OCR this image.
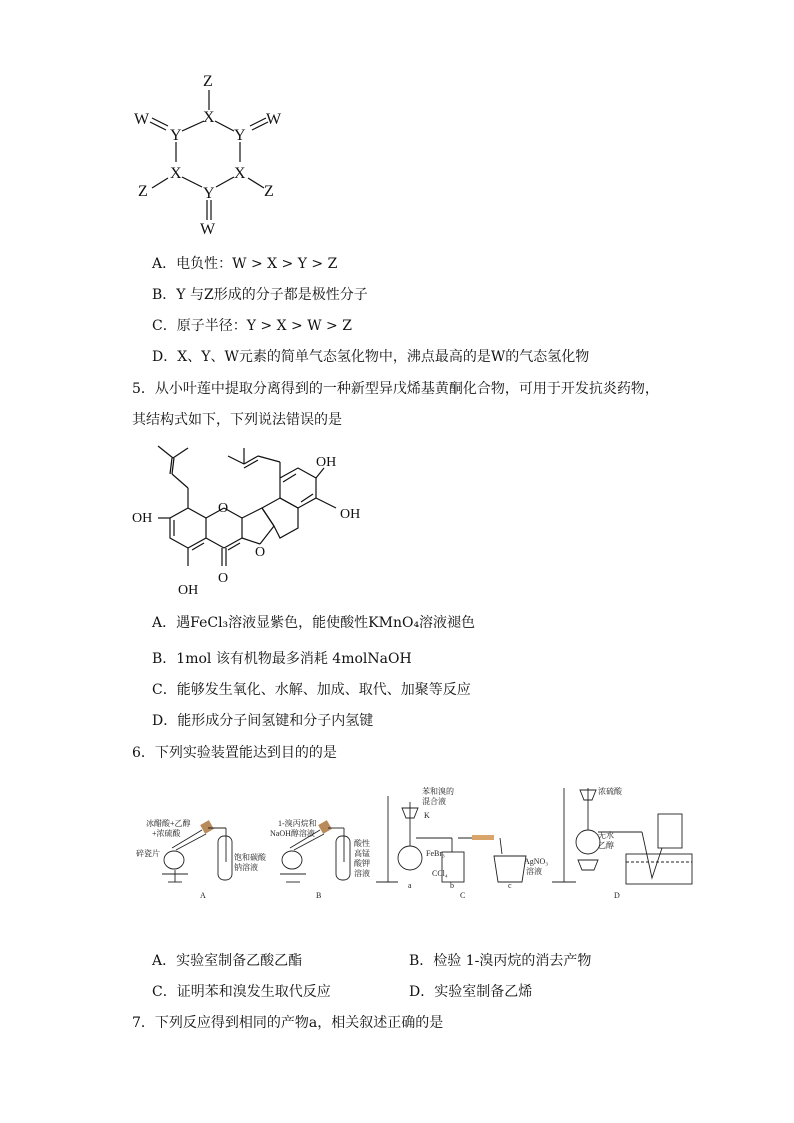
Z
X
Y	Y
W	W
X	X
Y
Z	Z
W
A．电负性：W > X > Y > Z
B．Y 与Z形成的分子都是极性分子
C．原子半径：Y > X > W > Z
D．X、Y、W元素的简单气态氢化物中，沸点最高的是W的气态氢化物
5．从小叶莲中提取分离得到的一种新型异戊烯基黄酮化合物，可用于开发抗炎药物，
其结构式如下，下列说法错误的是
OH
OH
OH
OH
O
O
O
A．遇FeCl₃溶液显紫色，能使酸性KMnO₄溶液褪色
B．1mol 该有机物最多消耗 4molNaOH
C．能够发生氧化、水解、加成、取代、加聚等反应
D．能形成分子间氢键和分子内氢键
6．下列实验装置能达到目的的是
冰醋酸+乙醇
+浓硫酸
碎瓷片	饱和碳酸
钠溶液
A
1-溴丙烷和
NaOH醇溶液
酸性
高锰
酸钾
溶液
B
苯和溴的
混合液
K
FeBr₃
CCl₄
AgNO₃
溶液
a	b	c
C
浓硫酸
无水
乙醇
D
A．实验室制备乙酸乙酯	B．检验 1-溴丙烷的消去产物
C．证明苯和溴发生取代反应	D．实验室制备乙烯
7．下列反应得到相同的产物a，相关叙述正确的是
